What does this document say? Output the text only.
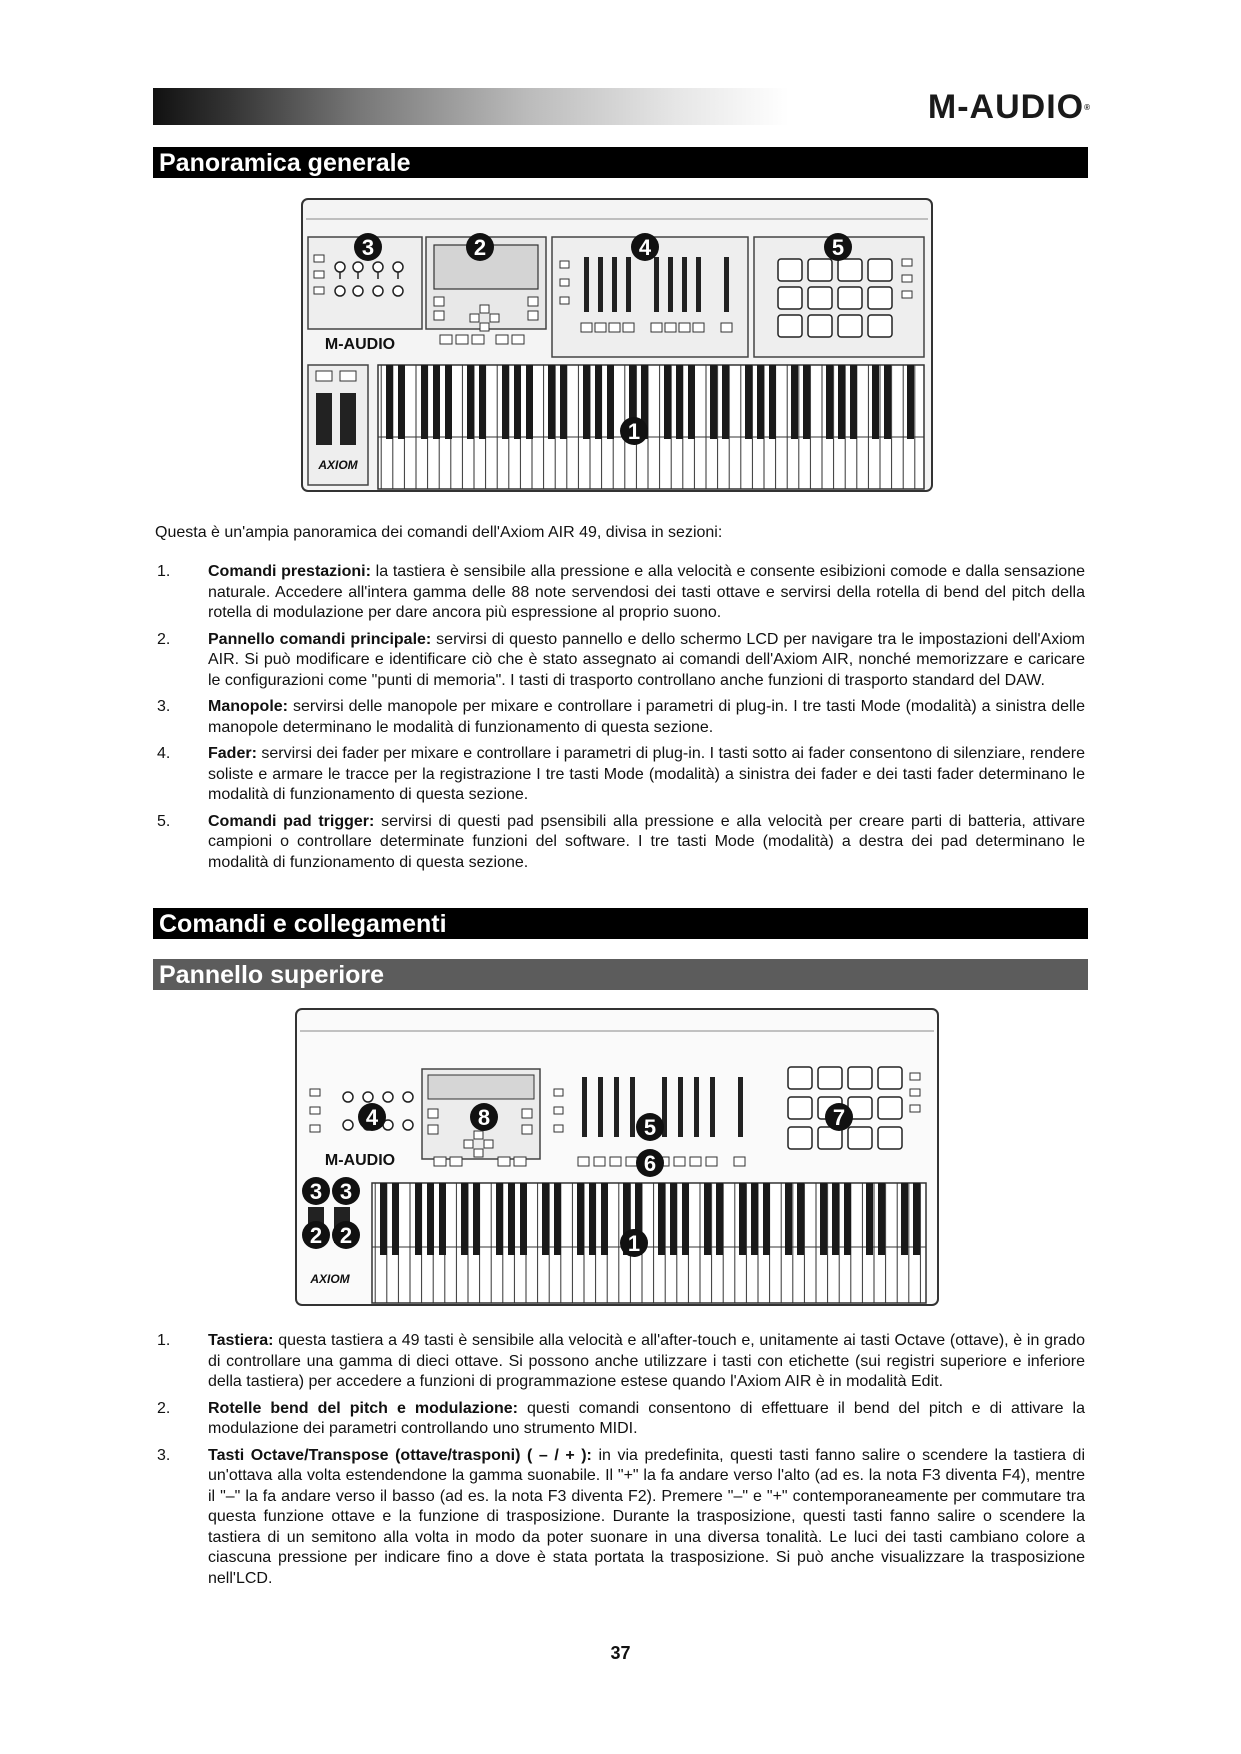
M-AUDIO®
Panoramica generale
M-AUDIO
AXIOM
3	2	4	5
1
Questa è un'ampia panoramica dei comandi dell'Axiom AIR 49, divisa in sezioni:
1. Comandi prestazioni: la tastiera è sensibile alla pressione e alla velocità e consente esibizioni comode e dalla sensazione naturale. Accedere all'intera gamma delle 88 note servendosi dei tasti ottave e servirsi della rotella di bend del pitch della rotella di modulazione per dare ancora più espressione al proprio suono.
2. Pannello comandi principale: servirsi di questo pannello e dello schermo LCD per navigare tra le impostazioni dell'Axiom AIR. Si può modificare e identificare ciò che è stato assegnato ai comandi dell'Axiom AIR, nonché memorizzare e caricare le configurazioni come "punti di memoria". I tasti di trasporto controllano anche funzioni di trasporto standard del DAW.
3. Manopole: servirsi delle manopole per mixare e controllare i parametri di plug-in. I tre tasti Mode (modalità) a sinistra delle manopole determinano le modalità di funzionamento di questa sezione.
4. Fader: servirsi dei fader per mixare e controllare i parametri di plug-in. I tasti sotto ai fader consentono di silenziare, rendere soliste e armare le tracce per la registrazione I tre tasti Mode (modalità) a sinistra dei fader e dei tasti fader determinano le modalità di funzionamento di questa sezione.
5. Comandi pad trigger: servirsi di questi pad psensibili alla pressione e alla velocità per creare parti di batteria, attivare campioni o controllare determinate funzioni del software. I tre tasti Mode (modalità) a destra dei pad determinano le modalità di funzionamento di questa sezione.
Comandi e collegamenti
Pannello superiore
M-AUDIO
AXIOM
4	8	5
6
7
3 3
2 2	1
1. Tastiera: questa tastiera a 49 tasti è sensibile alla velocità e all'after-touch e, unitamente ai tasti Octave (ottave), è in grado di controllare una gamma di dieci ottave. Si possono anche utilizzare i tasti con etichette (sui registri superiore e inferiore della tastiera) per accedere a funzioni di programmazione estese quando l'Axiom AIR è in modalità Edit.
2. Rotelle bend del pitch e modulazione: questi comandi consentono di effettuare il bend del pitch e di attivare la modulazione dei parametri controllando uno strumento MIDI.
3. Tasti Octave/Transpose (ottave/trasponi) ( – / + ): in via predefinita, questi tasti fanno salire o scendere la tastiera di un'ottava alla volta estendendone la gamma suonabile. Il "+" la fa andare verso l'alto (ad es. la nota F3 diventa F4), mentre il "–" la fa andare verso il basso (ad es. la nota F3 diventa F2). Premere "–" e "+" contemporaneamente per commutare tra questa funzione ottave e la funzione di trasposizione. Durante la trasposizione, questi tasti fanno salire o scendere la tastiera di un semitono alla volta in modo da poter suonare in una diversa tonalità. Le luci dei tasti cambiano colore a ciascuna pressione per indicare fino a dove è stata portata la trasposizione. Si può anche visualizzare la trasposizione nell'LCD.
37
